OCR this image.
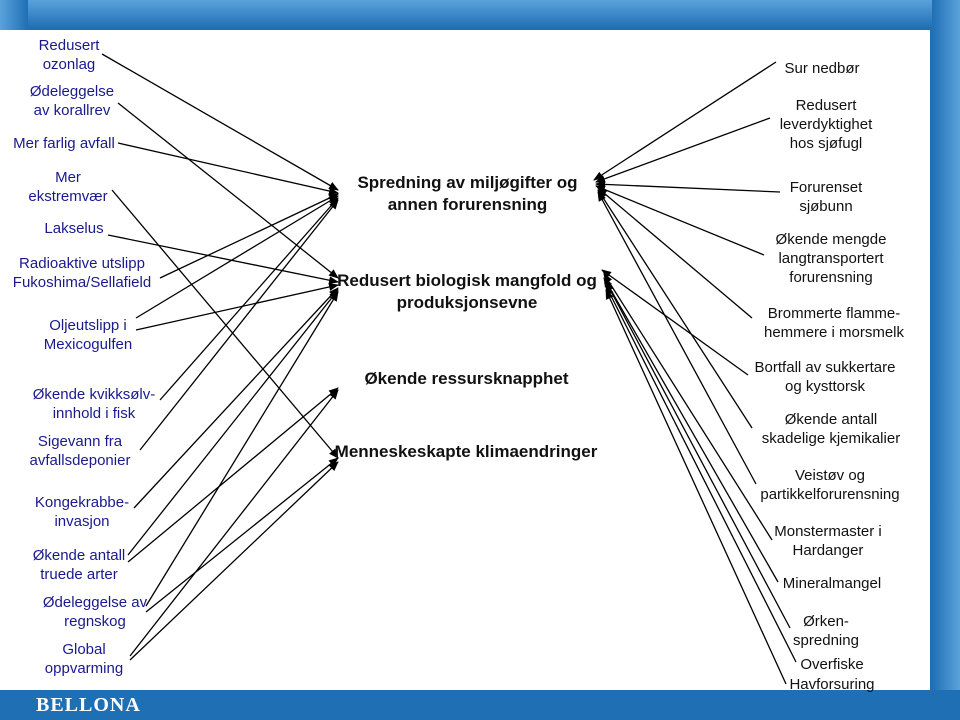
BELLONA
Spredning av miljøgifter og annen forurensning
Redusert biologisk mangfold og produksjonsevne
Økende ressursknapphet
Menneskeskapte klimaendringer
Redusert ozonlag
Ødeleggelse av korallrev
Mer farlig avfall
Mer ekstremvær
Lakselus
Radioaktive utslipp Fukoshima/Sellafield
Oljeutslipp i Mexicogulfen
Økende kvikksølv-innhold i fisk
Sigevann fra avfallsdeponier
Kongekrabbe-invasjon
Økende antall truede arter
Ødeleggelse av regnskog
Global oppvarming
Sur nedbør
Redusert leverdyktighet hos sjøfugl
Forurenset sjøbunn
Økende mengde langtransportert forurensning
Brommerte flamme-hemmere i morsmelk
Bortfall av sukkertare og kysttorsk
Økende antall skadelige kjemikalier
Veistøv og partikkelforurensning
Monstermaster i Hardanger
Mineralmangel
Ørken-spredning
Overfiske
Havforsuring
